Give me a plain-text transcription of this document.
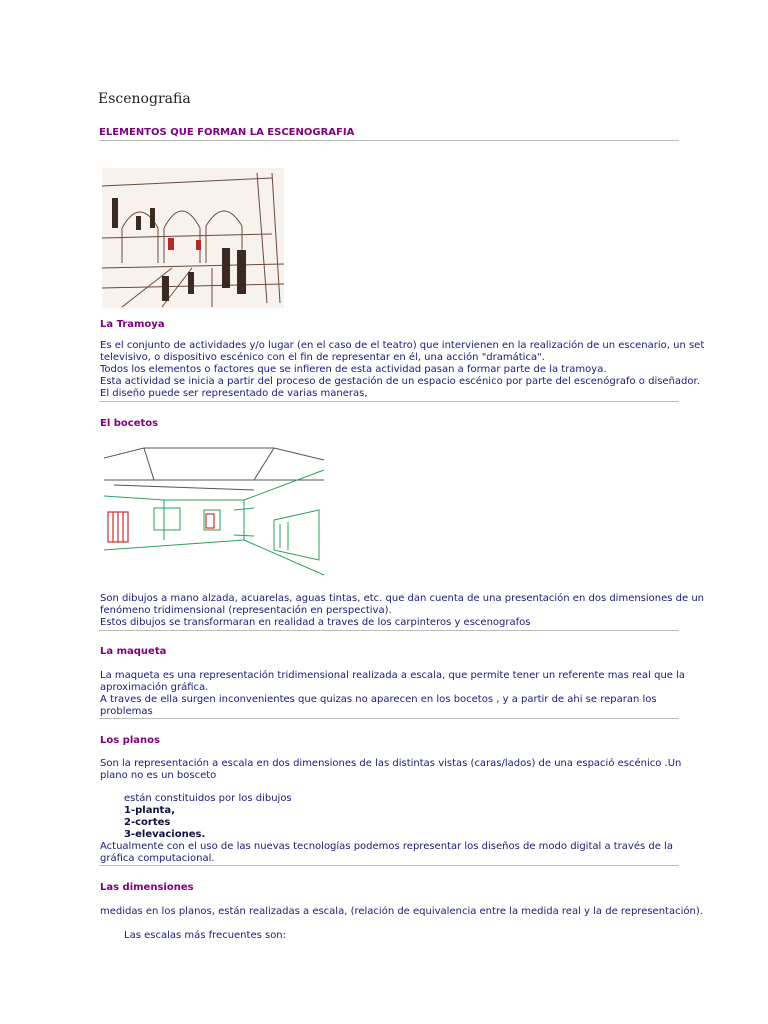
Escenografia
ELEMENTOS QUE FORMAN LA ESCENOGRAFIA
La Tramoya
Es el conjunto de actividades y/o lugar (en el caso de el teatro) que intervienen en la realización de un escenario, un set
televisivo, o dispositivo escénico con el fin de representar en él, una acción "dramática".
Todos los elementos o factores que se infieren de esta actividad pasan a formar parte de la tramoya.
Esta actividad se inicia a partir del proceso de gestación de un espacio escénico por parte del escenógrafo o diseñador.
El diseño puede ser representado de varias maneras,
El bocetos
Son dibujos a mano alzada, acuarelas, aguas tintas, etc. que dan cuenta de una presentación en dos dimensiones de un
fenómeno tridimensional (representación en perspectiva).
Estos dibujos se transformaran en realidad a traves de los carpinteros y escenografos
La maqueta
La maqueta es una representación tridimensional realizada a escala, que permite tener un referente mas real que la
aproximación gráfica.
A traves de ella surgen inconvenientes que quizas no aparecen en los bocetos , y a partir de ahi se reparan los
problemas
Los planos
Son la representación a escala en dos dimensiones de las distintas vistas (caras/lados) de una espació escénico .Un
plano no es un bosceto
están constituidos por los dibujos
1-planta,
2-cortes
3-elevaciones.
Actualmente con el uso de las nuevas tecnologías podemos representar los diseños de modo digital a través de la
gráfica computacional.
Las dimensiones
medidas en los planos, están realizadas a escala, (relación de equivalencia entre la medida real y la de representación).
Las escalas más frecuentes son:
